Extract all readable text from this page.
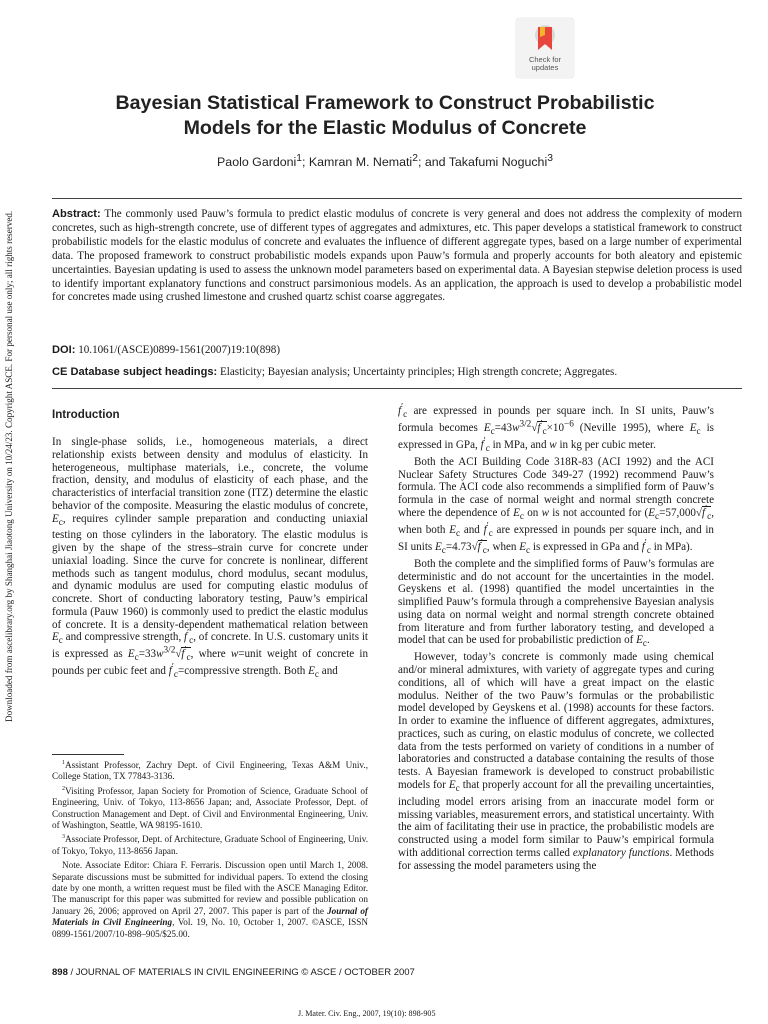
Downloaded from ascelibrary.org by Shanghai Jiaotong University on 10/24/23. Copyright ASCE. For personal use only; all rights reserved.
Check for
updates
Bayesian Statistical Framework to Construct Probabilistic
Models for the Elastic Modulus of Concrete

Paolo Gardoni$^1$; Kamran M. Nemati$^2$; and Takafumi Noguchi$^3$

Abstract: The commonly used Pauw’s formula to predict elastic modulus of concrete is very general and does not address the complexity of modern concretes, such as high-strength concrete, use of different types of aggregates and admixtures, etc. This paper develops a statistical framework to construct probabilistic models for the elastic modulus of concrete and evaluates the influence of different aggregate types, based on a large number of experimental data. The proposed framework to construct probabilistic models expands upon Pauw’s formula and properly accounts for both aleatory and epistemic uncertainties. Bayesian updating is used to assess the unknown model parameters based on experimental data. A Bayesian stepwise deletion process is used to identify important explanatory functions and construct parsimonious models. As an application, the approach is used to develop a probabilistic model for concretes made using crushed limestone and crushed quartz schist coarse aggregates.

DOI: 10.1061/(ASCE)0899-1561(2007)19:10(898)

CE Database subject headings: Elasticity; Bayesian analysis; Uncertainty principles; High strength concrete; Aggregates.

Introduction

In single-phase solids, i.e., homogeneous materials, a direct relationship exists between density and modulus of elasticity. In heterogeneous, multiphase materials, i.e., concrete, the volume fraction, density, and modulus of elasticity of each phase, and the characteristics of interfacial transition zone (ITZ) determine the elastic behavior of the composite. Measuring the elastic modulus of concrete, $E_c$, requires cylinder sample preparation and conducting uniaxial testing on those cylinders in the laboratory. The elastic modulus is given by the shape of the stress–strain curve for concrete under uniaxial loading. Since the curve for concrete is nonlinear, different methods such as tangent modulus, chord modulus, secant modulus, and dynamic modulus are used for computing elastic modulus of concrete. Short of conducting laboratory testing, Pauw’s empirical formula (Pauw 1960) is commonly used to predict the elastic modulus of concrete. It is a density-dependent mathematical relation between $E_c$ and compressive strength, $f'_c$, of concrete. In U.S. customary units it is expressed as $E_c=33w^{3/2}√f'_c$, where w=unit weight of concrete in pounds per cubic feet and $f'_c=compressive$ strength. Both $E_c$ and

$^1$Assistant Professor, Zachry Dept. of Civil Engineering, Texas A&M Univ., College Station, TX 77843-3136.

$^2$Visiting Professor, Japan Society for Promotion of Science, Graduate School of Engineering, Univ. of Tokyo, 113-8656 Japan; and, Associate Professor, Dept. of Construction Management and Dept. of Civil and Environmental Engineering, Univ. of Washington, Seattle, WA 98195-1610.

$^3$Associate Professor, Dept. of Architecture, Graduate School of Engineering, Univ. of Tokyo, Tokyo, 113-8656 Japan.

Note. Associate Editor: Chiara F. Ferraris. Discussion open until March 1, 2008. Separate discussions must be submitted for individual papers. To extend the closing date by one month, a written request must be filed with the ASCE Managing Editor. The manuscript for this paper was submitted for review and possible publication on January 26, 2006; approved on April 27, 2007. This paper is part of the Journal of Materials in Civil Engineering, Vol. 19, No. 10, October 1, 2007. ©ASCE, ISSN 0899-1561/2007/10-898–905/$25.00.

$f'_c$ are expressed in pounds per square inch. In SI units, Pauw’s formula becomes $E_c=43w^{3/2}√f'_c\times 10^{-6}$ (Neville 1995), where $E_c$ is expressed in GPa, $f'_c$ in MPa, and w in kg per cubic meter.

Both the ACI Building Code 318R-83 (ACI 1992) and the ACI Nuclear Safety Structures Code 349-27 (1992) recommend Pauw’s formula. The ACI code also recommends a simplified form of Pauw’s formula in the case of normal weight and normal strength concrete where the dependence of $E_c$ on w is not accounted for ($E_c=57,000√f'_c$, when both $E_c$ and $f'_c$ are expressed in pounds per square inch, and in SI units $E_c=4.73√f'_c$, when $E_c$ is expressed in GPa and $f'_c$ in MPa).

Both the complete and the simplified forms of Pauw’s formulas are deterministic and do not account for the uncertainties in the model. Geyskens et al. (1998) quantified the model uncertainties in the simplified Pauw’s formula through a comprehensive Bayesian analysis using data on normal weight and normal strength concrete obtained from literature and from further laboratory testing, and developed a model that can be used for probabilistic prediction of $E_c$.

However, today’s concrete is commonly made using chemical and/or mineral admixtures, with variety of aggregate types and curing conditions, all of which will have a great impact on the elastic modulus. Neither of the two Pauw’s formulas or the probabilistic model developed by Geyskens et al. (1998) accounts for these factors. In order to examine the influence of different aggregates, admixtures, practices, such as curing, on elastic modulus of concrete, we collected data from the tests performed on variety of conditions in a number of laboratories and constructed a database containing the results of those tests. A Bayesian framework is developed to construct probabilistic models for $E_c$ that properly account for all the prevailing uncertainties, including model errors arising from an inaccurate model form or missing variables, measurement errors, and statistical uncertainty. With the aim of facilitating their use in practice, the probabilistic models are constructed using a model form similar to Pauw’s empirical formula with additional correction terms called explanatory functions. Methods for assessing the model parameters using the

898 / JOURNAL OF MATERIALS IN CIVIL ENGINEERING © ASCE / OCTOBER 2007

J. Mater. Civ. Eng., 2007, 19(10): 898-905
